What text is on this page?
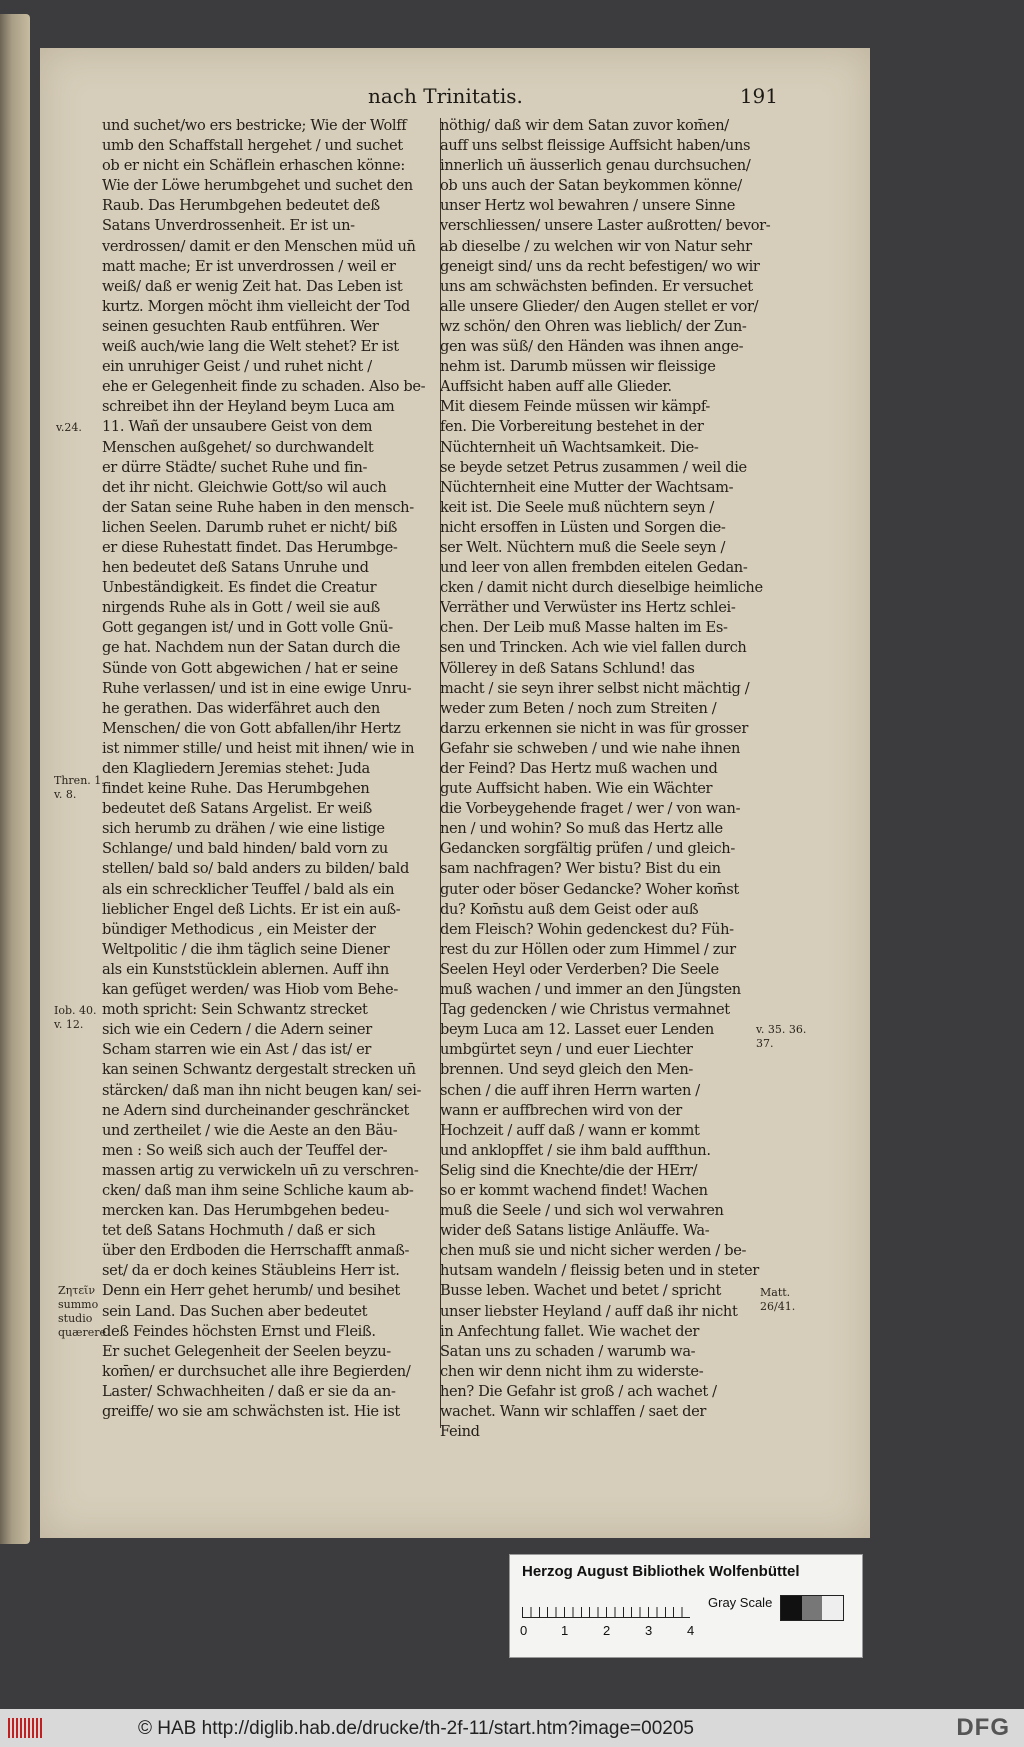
nach Trinitatis.	191
und suchet/wo ers bestricke; Wie der Wolff
umb den Schaffstall hergehet / und suchet
ob er nicht ein Schäflein erhaschen könne:
Wie der Löwe herumbgehet und suchet den
Raub. Das Herumbgehen bedeutet deß
Satans Unverdrossenheit. Er ist un-
verdrossen/ damit er den Menschen müd un̄
matt mache; Er ist unverdrossen / weil er
weiß/ daß er wenig Zeit hat. Das Leben ist
kurtz. Morgen möcht ihm vielleicht der Tod
seinen gesuchten Raub entführen. Wer
weiß auch/wie lang die Welt stehet? Er ist
ein unruhiger Geist / und ruhet nicht /
ehe er Gelegenheit finde zu schaden. Also be-
schreibet ihn der Heyland beym Luca am
11. Wañ der unsaubere Geist von dem
Menschen außgehet/ so durchwandelt
er dürre Städte/ suchet Ruhe und fin-
det ihr nicht. Gleichwie Gott/so wil auch
der Satan seine Ruhe haben in den mensch-
lichen Seelen. Darumb ruhet er nicht/ biß
er diese Ruhestatt findet. Das Herumbge-
hen bedeutet deß Satans Unruhe und
Unbeständigkeit. Es findet die Creatur
nirgends Ruhe als in Gott / weil sie auß
Gott gegangen ist/ und in Gott volle Gnü-
ge hat. Nachdem nun der Satan durch die
Sünde von Gott abgewichen / hat er seine
Ruhe verlassen/ und ist in eine ewige Unru-
he gerathen. Das widerfähret auch den
Menschen/ die von Gott abfallen/ihr Hertz
ist nimmer stille/ und heist mit ihnen/ wie in
den Klagliedern Jeremias stehet: Juda
findet keine Ruhe. Das Herumbgehen
bedeutet deß Satans Argelist. Er weiß
sich herumb zu drähen / wie eine listige
Schlange/ und bald hinden/ bald vorn zu
stellen/ bald so/ bald anders zu bilden/ bald
als ein schrecklicher Teuffel / bald als ein
lieblicher Engel deß Lichts. Er ist ein auß-
bündiger Methodicus , ein Meister der
Weltpolitic / die ihm täglich seine Diener
als ein Kunststücklein ablernen. Auff ihn
kan gefüget werden/ was Hiob vom Behe-
moth spricht: Sein Schwantz strecket
sich wie ein Cedern / die Adern seiner
Scham starren wie ein Ast / das ist/ er
kan seinen Schwantz dergestalt strecken un̄
stärcken/ daß man ihn nicht beugen kan/ sei-
ne Adern sind durcheinander geschräncket
und zertheilet / wie die Aeste an den Bäu-
men : So weiß sich auch der Teuffel der-
massen artig zu verwickeln un̄ zu verschren-
cken/ daß man ihm seine Schliche kaum ab-
mercken kan. Das Herumbgehen bedeu-
tet deß Satans Hochmuth / daß er sich
über den Erdboden die Herrschafft anmaß-
set/ da er doch keines Stäubleins Herr ist.
Denn ein Herr gehet herumb/ und besihet
sein Land. Das Suchen aber bedeutet
deß Feindes höchsten Ernst und Fleiß.
Er suchet Gelegenheit der Seelen beyzu-
kom̄en/ er durchsuchet alle ihre Begierden/
Laster/ Schwachheiten / daß er sie da an-
greiffe/ wo sie am schwächsten ist. Hie ist
nöthig/ daß wir dem Satan zuvor kom̄en/
auff uns selbst fleissige Auffsicht haben/uns
innerlich un̄ äusserlich genau durchsuchen/
ob uns auch der Satan beykommen könne/
unser Hertz wol bewahren / unsere Sinne
verschliessen/ unsere Laster außrotten/ bevor-
ab dieselbe / zu welchen wir von Natur sehr
geneigt sind/ uns da recht befestigen/ wo wir
uns am schwächsten befinden. Er versuchet
alle unsere Glieder/ den Augen stellet er vor/
wz schön/ den Ohren was lieblich/ der Zun-
gen was süß/ den Händen was ihnen ange-
nehm ist. Darumb müssen wir fleissige
Auffsicht haben auff alle Glieder.
Mit diesem Feinde müssen wir kämpf-
fen. Die Vorbereitung bestehet in der
Nüchternheit un̄ Wachtsamkeit. Die-
se beyde setzet Petrus zusammen / weil die
Nüchternheit eine Mutter der Wachtsam-
keit ist. Die Seele muß nüchtern seyn /
nicht ersoffen in Lüsten und Sorgen die-
ser Welt. Nüchtern muß die Seele seyn /
und leer von allen frembden eitelen Gedan-
cken / damit nicht durch dieselbige heimliche
Verräther und Verwüster ins Hertz schlei-
chen. Der Leib muß Masse halten im Es-
sen und Trincken. Ach wie viel fallen durch
Völlerey in deß Satans Schlund! das
macht / sie seyn ihrer selbst nicht mächtig /
weder zum Beten / noch zum Streiten /
darzu erkennen sie nicht in was für grosser
Gefahr sie schweben / und wie nahe ihnen
der Feind? Das Hertz muß wachen und
gute Auffsicht haben. Wie ein Wächter
die Vorbeygehende fraget / wer / von wan-
nen / und wohin? So muß das Hertz alle
Gedancken sorgfältig prüfen / und gleich-
sam nachfragen? Wer bistu? Bist du ein
guter oder böser Gedancke? Woher kom̄st
du? Kom̄stu auß dem Geist oder auß
dem Fleisch? Wohin gedenckest du? Füh-
rest du zur Höllen oder zum Himmel / zur
Seelen Heyl oder Verderben? Die Seele
muß wachen / und immer an den Jüngsten
Tag gedencken / wie Christus vermahnet
beym Luca am 12. Lasset euer Lenden
umbgürtet seyn / und euer Liechter
brennen. Und seyd gleich den Men-
schen / die auff ihren Herrn warten /
wann er auffbrechen wird von der
Hochzeit / auff daß / wann er kommt
und anklopffet / sie ihm bald auffthun.
Selig sind die Knechte/die der HErr/
so er kommt wachend findet! Wachen
muß die Seele / und sich wol verwahren
wider deß Satans listige Anläuffe. Wa-
chen muß sie und nicht sicher werden / be-
hutsam wandeln / fleissig beten und in steter
Busse leben. Wachet und betet / spricht
unser liebster Heyland / auff daß ihr nicht
in Anfechtung fallet. Wie wachet der
Satan uns zu schaden / warumb wa-
chen wir denn nicht ihm zu widerste-
hen? Die Gefahr ist groß / ach wachet /
wachet. Wann wir schlaffen / saet der
Feind
v.24.
Thren. 1.
v. 8.
Iob. 40.
v. 12.
Ζητεῖν
summo
studio
quærere
v. 35. 36.
37.
Matt.
26/41.
Herzog August Bibliothek Wolfenbüttel
0	1	2	3	4
Gray Scale
© HAB http://diglib.hab.de/drucke/th-2f-11/start.htm?image=00205	DFG
